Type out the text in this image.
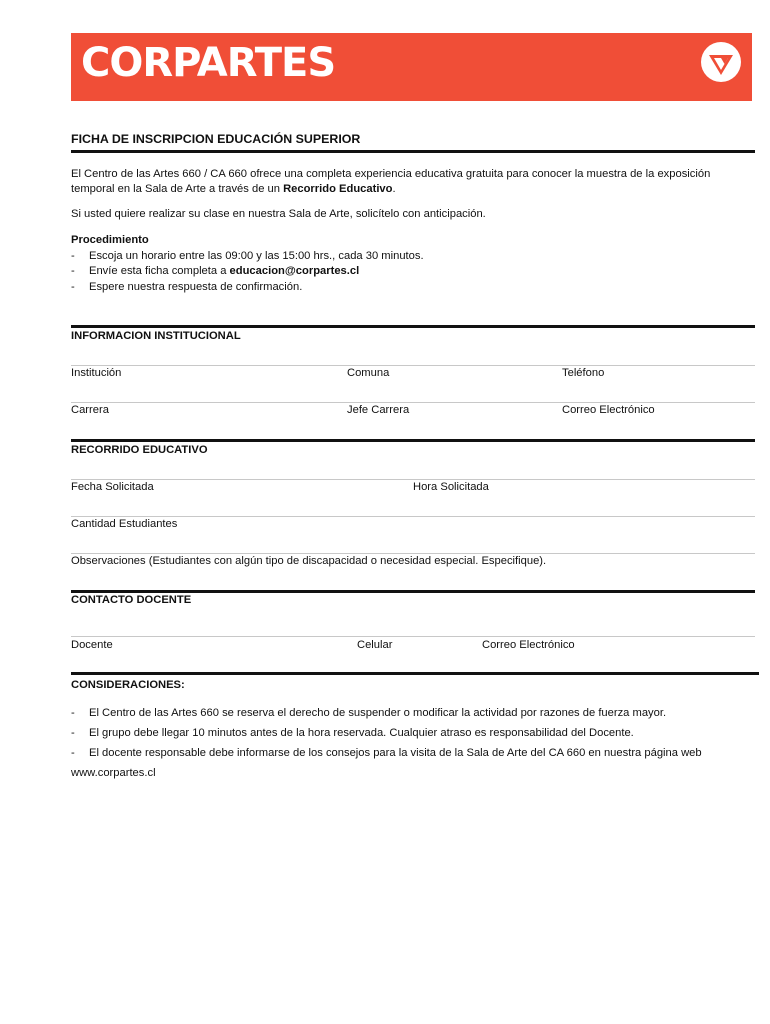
CORPARTES
FICHA DE INSCRIPCION EDUCACIÓN SUPERIOR
El Centro de las Artes 660 / CA 660 ofrece una completa experiencia educativa gratuita para conocer la muestra de la exposición
temporal en la Sala de Arte a través de un Recorrido Educativo.
Si usted quiere realizar su clase en nuestra Sala de Arte, solicítelo con anticipación.
Procedimiento
- Escoja un horario entre las 09:00 y las 15:00 hrs., cada 30 minutos.
- Envíe esta ficha completa a educacion@corpartes.cl
- Espere nuestra respuesta de confirmación.
INFORMACION INSTITUCIONAL
Institución	Comuna	Teléfono
Carrera	Jefe Carrera	Correo Electrónico
RECORRIDO EDUCATIVO
Fecha Solicitada	Hora Solicitada
Cantidad Estudiantes
Observaciones (Estudiantes con algún tipo de discapacidad o necesidad especial. Especifique).
CONTACTO DOCENTE
Docente	Celular	Correo Electrónico
CONSIDERACIONES:
- El Centro de las Artes 660 se reserva el derecho de suspender o modificar la actividad por razones de fuerza mayor.
- El grupo debe llegar 10 minutos antes de la hora reservada. Cualquier atraso es responsabilidad del Docente.
- El docente responsable debe informarse de los consejos para la visita de la Sala de Arte del CA 660 en nuestra página web
www.corpartes.cl
